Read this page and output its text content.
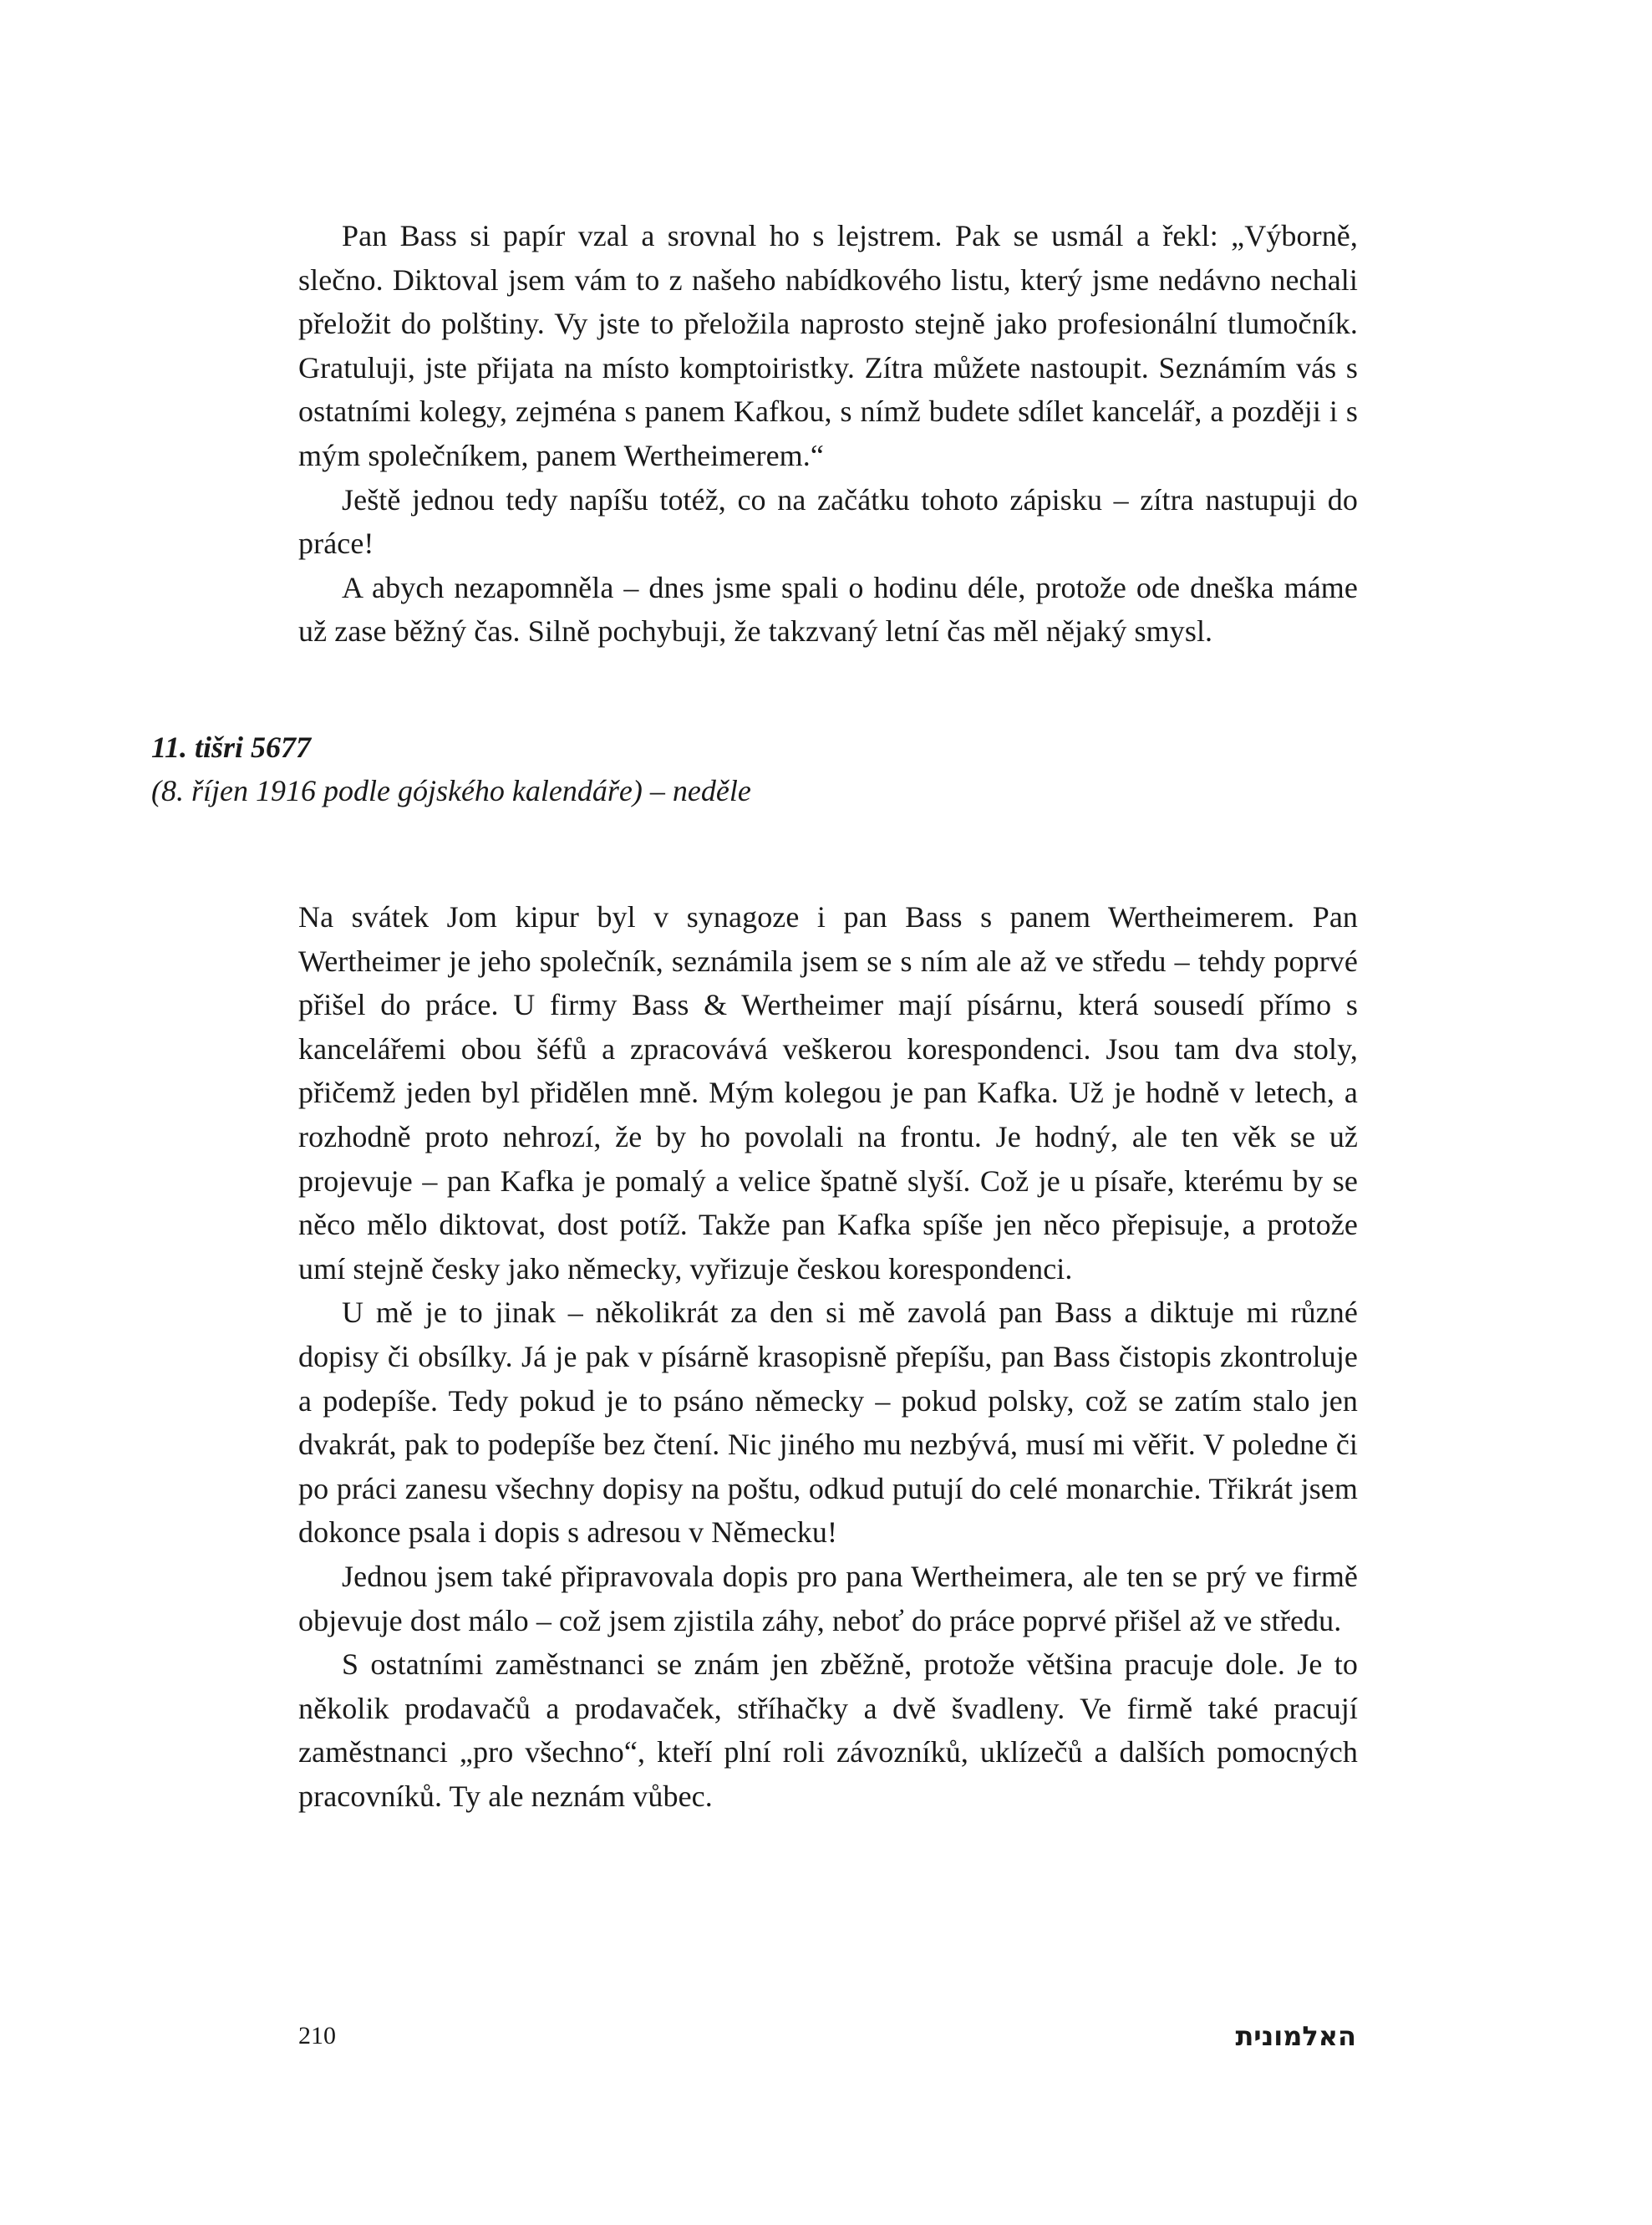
Pan Bass si papír vzal a srovnal ho s lejstrem. Pak se usmál a řekl: „Výborně, slečno. Diktoval jsem vám to z našeho nabídkového listu, který jsme nedávno nechali přeložit do polštiny. Vy jste to přeložila naprosto stejně jako profesionální tlumočník. Gratuluji, jste přijata na místo komptoiristky. Zítra můžete nastoupit. Seznámím vás s ostatními kolegy, zejména s panem Kafkou, s nímž budete sdílet kancelář, a později i s mým společníkem, panem Wertheimerem.“

Ještě jednou tedy napíšu totéž, co na začátku tohoto zápisku – zítra nastupuji do práce!

A abych nezapomněla – dnes jsme spali o hodinu déle, protože ode dneška máme už zase běžný čas. Silně pochybuji, že takzvaný letní čas měl nějaký smysl.

11. tišri 5677
(8. říjen 1916 podle gójského kalendáře) – neděle

Na svátek Jom kipur byl v synagoze i pan Bass s panem Wertheimerem. Pan Wertheimer je jeho společník, seznámila jsem se s ním ale až ve středu – tehdy poprvé přišel do práce. U firmy Bass & Wertheimer mají písárnu, která sousedí přímo s kancelářemi obou šéfů a zpracovává veškerou korespondenci. Jsou tam dva stoly, přičemž jeden byl přidělen mně. Mým kolegou je pan Kafka. Už je hodně v letech, a rozhodně proto nehrozí, že by ho povolali na frontu. Je hodný, ale ten věk se už projevuje – pan Kafka je pomalý a velice špatně slyší. Což je u písaře, kterému by se něco mělo diktovat, dost potíž. Takže pan Kafka spíše jen něco přepisuje, a protože umí stejně česky jako německy, vyřizuje českou korespondenci.

U mě je to jinak – několikrát za den si mě zavolá pan Bass a diktuje mi různé dopisy či obsílky. Já je pak v písárně krasopisně přepíšu, pan Bass čistopis zkontroluje a podepíše. Tedy pokud je to psáno německy – pokud polsky, což se zatím stalo jen dvakrát, pak to podepíše bez čtení. Nic jiného mu nezbývá, musí mi věřit. V poledne či po práci zanesu všechny dopisy na poštu, odkud putují do celé monarchie. Třikrát jsem dokonce psala i dopis s adresou v Německu!

Jednou jsem také připravovala dopis pro pana Wertheimera, ale ten se prý ve firmě objevuje dost málo – což jsem zjistila záhy, neboť do práce poprvé přišel až ve středu.

S ostatními zaměstnanci se znám jen zběžně, protože většina pracuje dole. Je to několik prodavačů a prodavaček, stříhačky a dvě švadleny. Ve firmě také pracují zaměstnanci „pro všechno“, kteří plní roli závozníků, uklízečů a dalších pomocných pracovníků. Ty ale neznám vůbec.

210	האלמונית
